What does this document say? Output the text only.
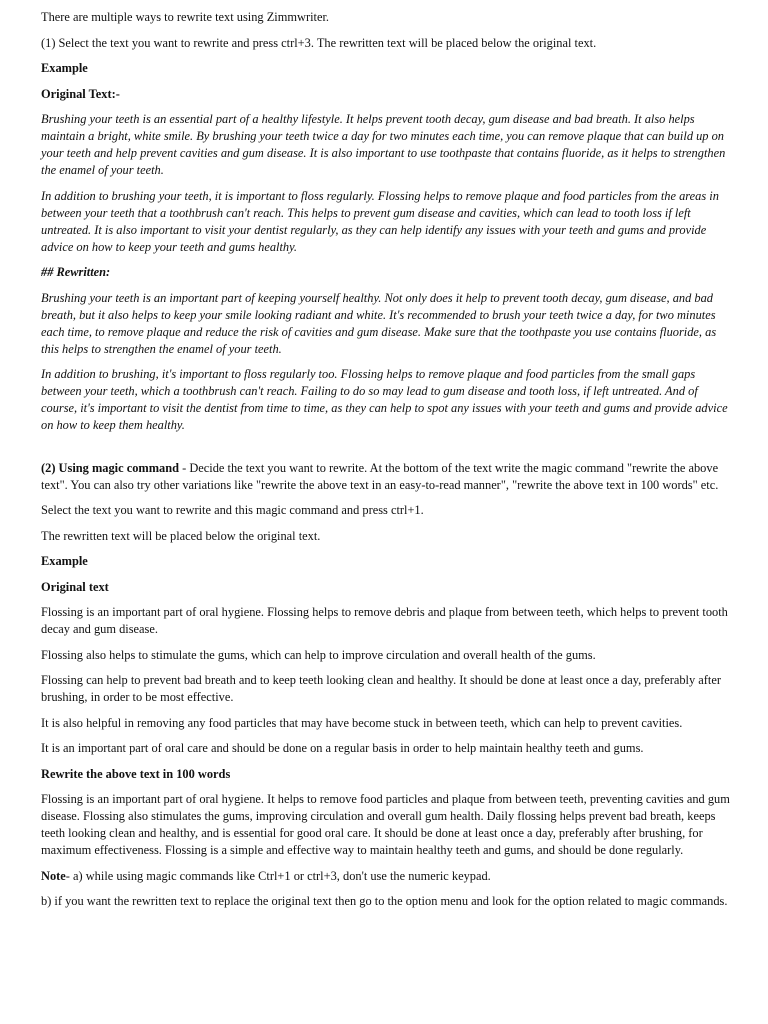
There are multiple ways to rewrite text using Zimmwriter.

(1) Select the text you want to rewrite and press ctrl+3. The rewritten text will be placed below the original text.

Example

Original Text:-

Brushing your teeth is an essential part of a healthy lifestyle. It helps prevent tooth decay, gum disease and bad breath. It also helps maintain a bright, white smile. By brushing your teeth twice a day for two minutes each time, you can remove plaque that can build up on your teeth and help prevent cavities and gum disease. It is also important to use toothpaste that contains fluoride, as it helps to strengthen the enamel of your teeth.

In addition to brushing your teeth, it is important to floss regularly. Flossing helps to remove plaque and food particles from the areas in between your teeth that a toothbrush can't reach. This helps to prevent gum disease and cavities, which can lead to tooth loss if left untreated. It is also important to visit your dentist regularly, as they can help identify any issues with your teeth and gums and provide advice on how to keep your teeth and gums healthy.

## Rewritten:

Brushing your teeth is an important part of keeping yourself healthy. Not only does it help to prevent tooth decay, gum disease, and bad breath, but it also helps to keep your smile looking radiant and white. It's recommended to brush your teeth twice a day, for two minutes each time, to remove plaque and reduce the risk of cavities and gum disease. Make sure that the toothpaste you use contains fluoride, as this helps to strengthen the enamel of your teeth.

In addition to brushing, it's important to floss regularly too. Flossing helps to remove plaque and food particles from the small gaps between your teeth, which a toothbrush can't reach. Failing to do so may lead to gum disease and tooth loss, if left untreated. And of course, it's important to visit the dentist from time to time, as they can help to spot any issues with your teeth and gums and provide advice on how to keep them healthy.

(2) Using magic command - Decide the text you want to rewrite. At the bottom of the text write the magic command "rewrite the above text". You can also try other variations like "rewrite the above text in an easy-to-read manner", "rewrite the above text in 100 words" etc.

Select the text you want to rewrite and this magic command and press ctrl+1.

The rewritten text will be placed below the original text.

Example

Original text

Flossing is an important part of oral hygiene. Flossing helps to remove debris and plaque from between teeth, which helps to prevent tooth decay and gum disease.

Flossing also helps to stimulate the gums, which can help to improve circulation and overall health of the gums.

Flossing can help to prevent bad breath and to keep teeth looking clean and healthy. It should be done at least once a day, preferably after brushing, in order to be most effective.

It is also helpful in removing any food particles that may have become stuck in between teeth, which can help to prevent cavities.

It is an important part of oral care and should be done on a regular basis in order to help maintain healthy teeth and gums.

Rewrite the above text in 100 words

Flossing is an important part of oral hygiene. It helps to remove food particles and plaque from between teeth, preventing cavities and gum disease. Flossing also stimulates the gums, improving circulation and overall gum health. Daily flossing helps prevent bad breath, keeps teeth looking clean and healthy, and is essential for good oral care. It should be done at least once a day, preferably after brushing, for maximum effectiveness. Flossing is a simple and effective way to maintain healthy teeth and gums, and should be done regularly.

Note- a) while using magic commands like Ctrl+1 or ctrl+3, don't use the numeric keypad.

b) if you want the rewritten text to replace the original text then go to the option menu and look for the option related to magic commands.
